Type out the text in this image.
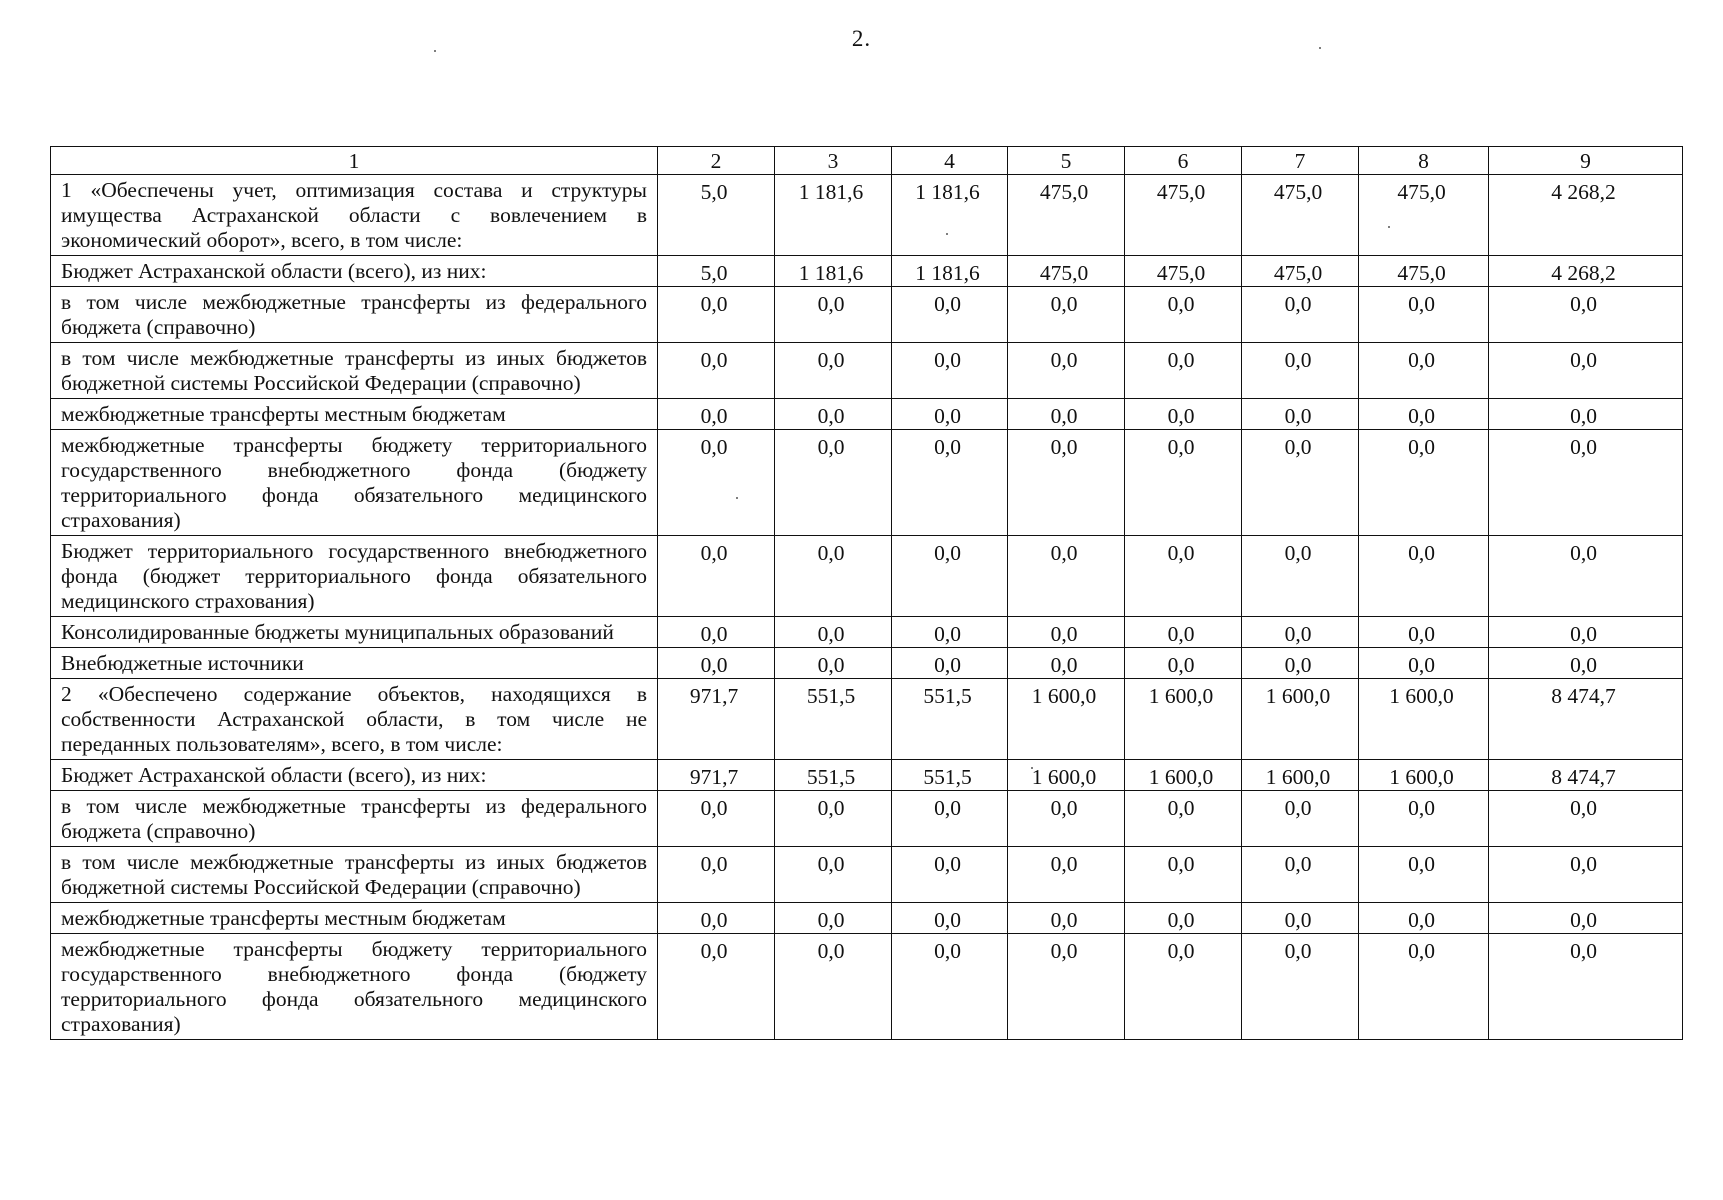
2.
1	2	3	4	5	6	7	8	9
1 «Обеспечены учет, оптимизация состава и структуры имущества Астраханской области с вовлечением в экономический оборот», всего, в том числе:	5,0	1 181,6	1 181,6	475,0	475,0	475,0	475,0	4 268,2
Бюджет Астраханской области (всего), из них:	5,0	1 181,6	1 181,6	475,0	475,0	475,0	475,0	4 268,2
в том числе межбюджетные трансферты из федерального бюджета (справочно)	0,0	0,0	0,0	0,0	0,0	0,0	0,0	0,0
в том числе межбюджетные трансферты из иных бюджетов бюджетной системы Российской Федерации (справочно)	0,0	0,0	0,0	0,0	0,0	0,0	0,0	0,0
межбюджетные трансферты местным бюджетам	0,0	0,0	0,0	0,0	0,0	0,0	0,0	0,0
межбюджетные трансферты бюджету территориального государственного внебюджетного фонда (бюджету территориального фонда обязательного медицинского страхования)	0,0	0,0	0,0	0,0	0,0	0,0	0,0	0,0
Бюджет территориального государственного внебюджетного фонда (бюджет территориального фонда обязательного медицинского страхования)	0,0	0,0	0,0	0,0	0,0	0,0	0,0	0,0
Консолидированные бюджеты муниципальных образований	0,0	0,0	0,0	0,0	0,0	0,0	0,0	0,0
Внебюджетные источники	0,0	0,0	0,0	0,0	0,0	0,0	0,0	0,0
2 «Обеспечено содержание объектов, находящихся в собственности Астраханской области, в том числе не переданных пользователям», всего, в том числе:	971,7	551,5	551,5	1 600,0	1 600,0	1 600,0	1 600,0	8 474,7
Бюджет Астраханской области (всего), из них:	971,7	551,5	551,5	1 600,0	1 600,0	1 600,0	1 600,0	8 474,7
в том числе межбюджетные трансферты из федерального бюджета (справочно)	0,0	0,0	0,0	0,0	0,0	0,0	0,0	0,0
в том числе межбюджетные трансферты из иных бюджетов бюджетной системы Российской Федерации (справочно)	0,0	0,0	0,0	0,0	0,0	0,0	0,0	0,0
межбюджетные трансферты местным бюджетам	0,0	0,0	0,0	0,0	0,0	0,0	0,0	0,0
межбюджетные трансферты бюджету территориального государственного внебюджетного фонда (бюджету территориального фонда обязательного медицинского страхования)	0,0	0,0	0,0	0,0	0,0	0,0	0,0	0,0
